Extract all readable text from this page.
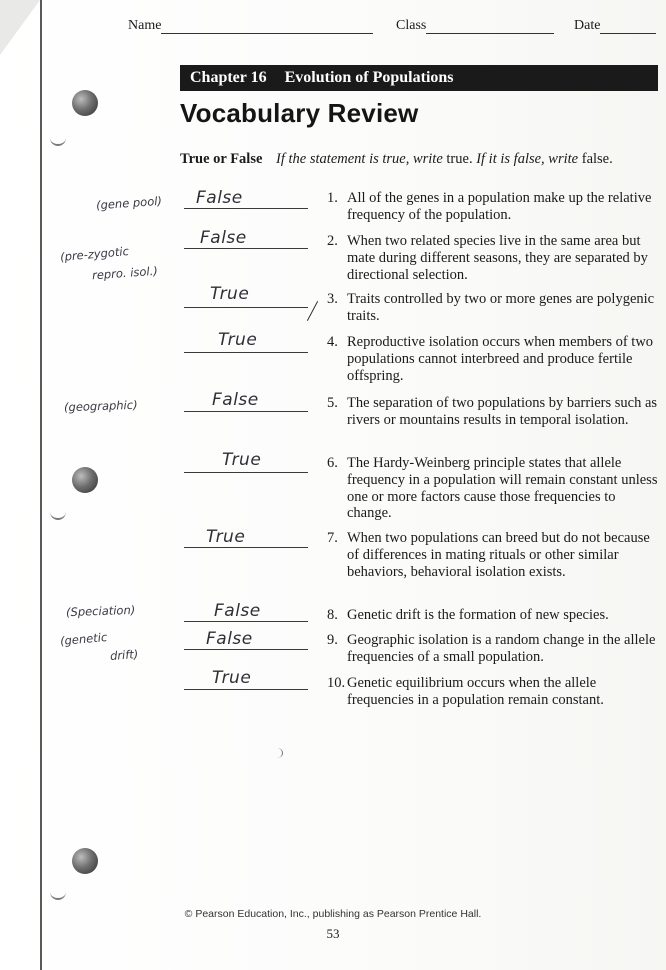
Name	Class	Date
Chapter 16 Evolution of Populations
Vocabulary Review
True or False If the statement is true, write true. If it is false, write false.
False	1. All of the genes in a population make up the relative frequency of the population.
False	2. When two related species live in the same area but mate during different seasons, they are separated by directional selection.
True	3. Traits controlled by two or more genes are polygenic traits.
True	4. Reproductive isolation occurs when members of two populations cannot interbreed and produce fertile offspring.
False	5. The separation of two populations by barriers such as rivers or mountains results in temporal isolation.
True	6. The Hardy-Weinberg principle states that allele frequency in a population will remain constant unless one or more factors cause those frequencies to change.
True	7. When two populations can breed but do not because of differences in mating rituals or other similar behaviors, behavioral isolation exists.
False	8. Genetic drift is the formation of new species.
False	9. Geographic isolation is a random change in the allele frequencies of a small population.
True	10. Genetic equilibrium occurs when the allele frequencies in a population remain constant.
(gene pool)
(pre-zygotic
repro. isol.)
(geographic)
(Speciation)
(genetic
drift)
© Pearson Education, Inc., publishing as Pearson Prentice Hall.
53
